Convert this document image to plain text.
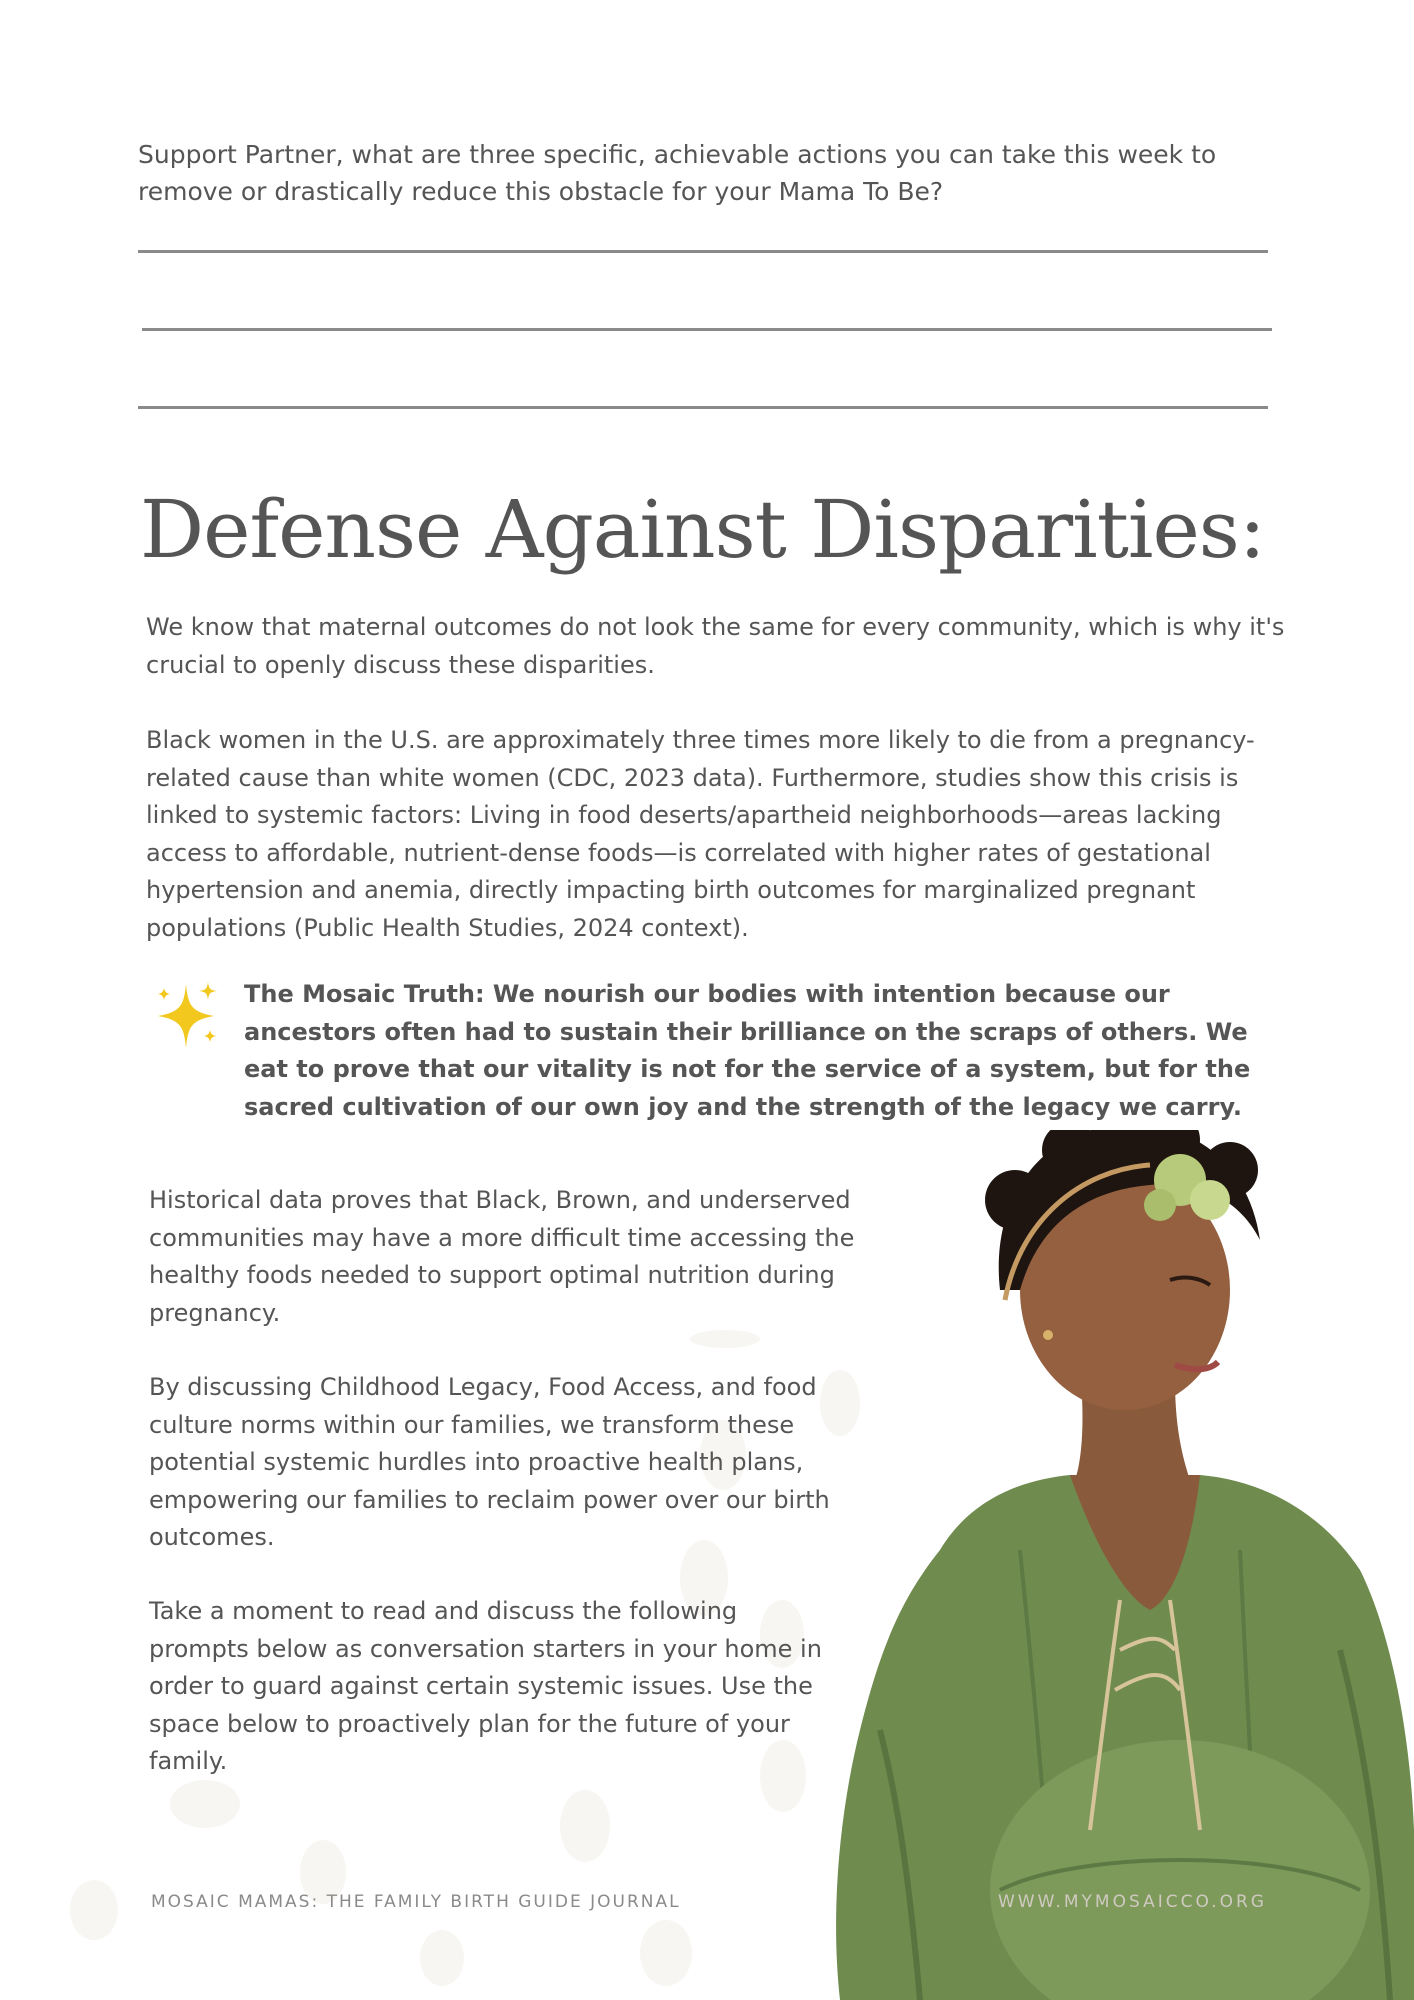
Support Partner, what are three specific, achievable actions you can take this week to remove or drastically reduce this obstacle for your Mama To Be?

Defense Against Disparities:

We know that maternal outcomes do not look the same for every community, which is why it's crucial to openly discuss these disparities.

Black women in the U.S. are approximately three times more likely to die from a pregnancy-related cause than white women (CDC, 2023 data). Furthermore, studies show this crisis is linked to systemic factors: Living in food deserts/apartheid neighborhoods—areas lacking access to affordable, nutrient-dense foods—is correlated with higher rates of gestational hypertension and anemia, directly impacting birth outcomes for marginalized pregnant populations (Public Health Studies, 2024 context).

The Mosaic Truth: We nourish our bodies with intention because our ancestors often had to sustain their brilliance on the scraps of others. We eat to prove that our vitality is not for the service of a system, but for the sacred cultivation of our own joy and the strength of the legacy we carry.

Historical data proves that Black, Brown, and underserved communities may have a more difficult time accessing the healthy foods needed to support optimal nutrition during pregnancy.

By discussing Childhood Legacy, Food Access, and food culture norms within our families, we transform these potential systemic hurdles into proactive health plans, empowering our families to reclaim power over our birth outcomes.

Take a moment to read and discuss the following prompts below as conversation starters in your home in order to guard against certain systemic issues. Use the space below to proactively plan for the future of your family.

MOSAIC MAMAS: THE FAMILY BIRTH GUIDE JOURNAL	WWW.MYMOSAICCO.ORG
